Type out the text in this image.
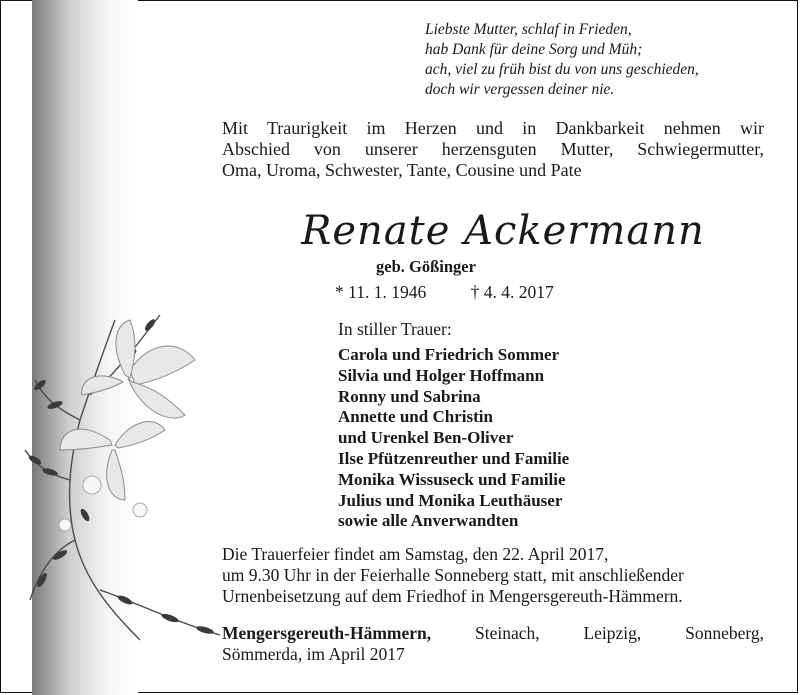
Liebste Mutter, schlaf in Frieden,
hab Dank für deine Sorg und Müh;
ach, viel zu früh bist du von uns geschieden,
doch wir vergessen deiner nie.
Mit Traurigkeit im Herzen und in Dankbarkeit nehmen wir
Abschied von unserer herzensguten Mutter, Schwiegermutter,
Oma, Uroma, Schwester, Tante, Cousine und Pate
Renate Ackermann
geb. Gößinger
* 11. 1. 1946	† 4. 4. 2017
In stiller Trauer:
Carola und Friedrich Sommer
Silvia und Holger Hoffmann
Ronny und Sabrina
Annette und Christin
und Urenkel Ben-Oliver
Ilse Pfützenreuther und Familie
Monika Wissuseck und Familie
Julius und Monika Leuthäuser
sowie alle Anverwandten
Die Trauerfeier findet am Samstag, den 22. April 2017,
um 9.30 Uhr in der Feierhalle Sonneberg statt, mit anschließender
Urnenbeisetzung auf dem Friedhof in Mengersgereuth-Hämmern.
Mengersgereuth-Hämmern,	Steinach,	Leipzig,	Sonneberg,
Sömmerda, im April 2017
